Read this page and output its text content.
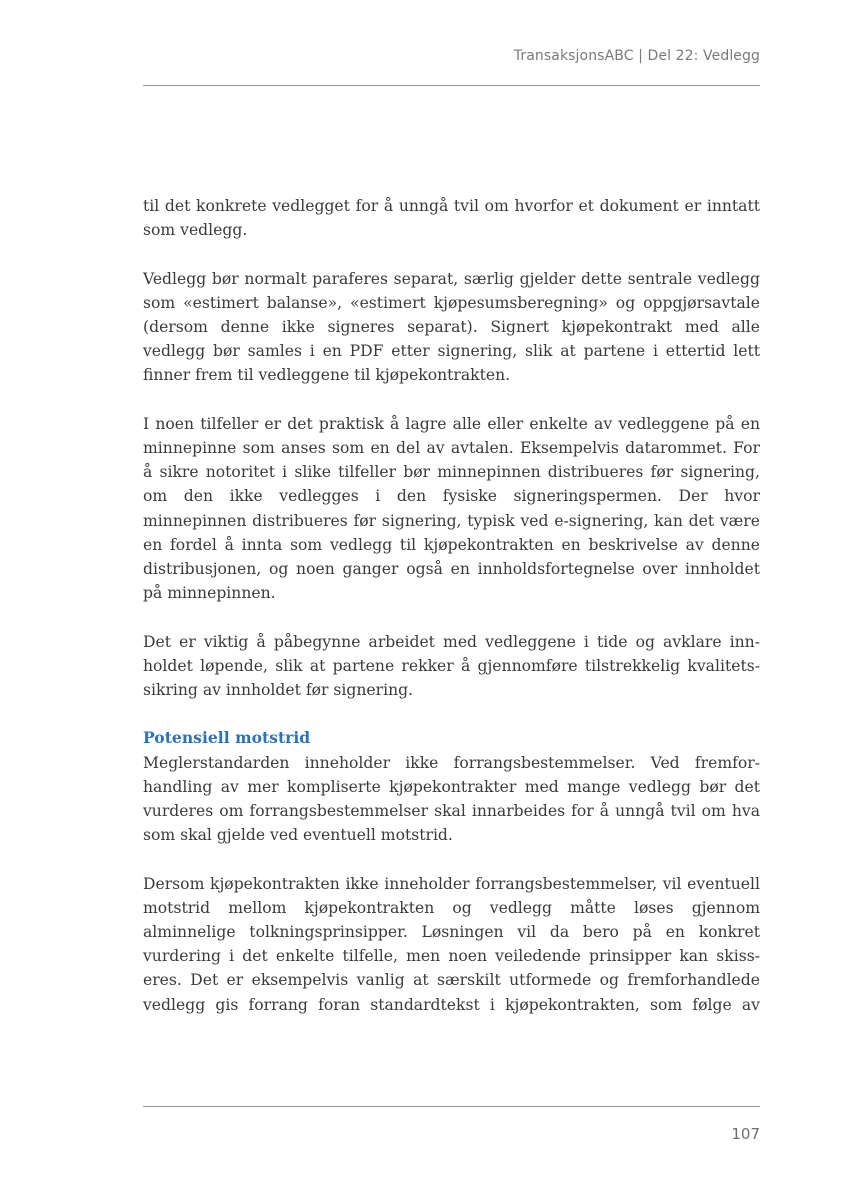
TransaksjonsABC | Del 22: Vedlegg

til det konkrete vedlegget for å unngå tvil om hvorfor et dokument er inntatt som vedlegg.

Vedlegg bør normalt paraferes separat, særlig gjelder dette sentrale vedlegg som «estimert balanse», «estimert kjøpesumsberegning» og oppgjørsavtale (dersom denne ikke signeres separat). Signert kjøpekontrakt med alle vedlegg bør samles i en PDF etter signering, slik at partene i ettertid lett finner frem til vedleggene til kjøpekontrakten.

I noen tilfeller er det praktisk å lagre alle eller enkelte av vedleggene på en minnepinne som anses som en del av avtalen. Eksempelvis datarommet. For å sikre notoritet i slike tilfeller bør minnepinnen distribueres før signering, om den ikke vedlegges i den fysiske signeringspermen. Der hvor minnepinnen distribueres før signering, typisk ved e-signering, kan det være en fordel å innta som vedlegg til kjøpekontrakten en beskrivelse av denne distribusjonen, og noen ganger også en innholdsfortegnelse over innholdet på minnepinnen.

Det er viktig å påbegynne arbeidet med vedleggene i tide og avklare innholdet løpende, slik at partene rekker å gjennomføre tilstrekkelig kvalitetssikring av innholdet før signering.

Potensiell motstrid

Meglerstandarden inneholder ikke forrangsbestemmelser. Ved fremforhandling av mer kompliserte kjøpekontrakter med mange vedlegg bør det vurderes om forrangsbestemmelser skal innarbeides for å unngå tvil om hva som skal gjelde ved eventuell motstrid.

Dersom kjøpekontrakten ikke inneholder forrangsbestemmelser, vil eventuell motstrid mellom kjøpekontrakten og vedlegg måtte løses gjennom alminnelige tolkningsprinsipper. Løsningen vil da bero på en konkret vurdering i det enkelte tilfelle, men noen veiledende prinsipper kan skisseres. Det er eksempelvis vanlig at særskilt utformede og fremforhandlede vedlegg gis forrang foran standardtekst i kjøpekontrakten, som følge av

107
